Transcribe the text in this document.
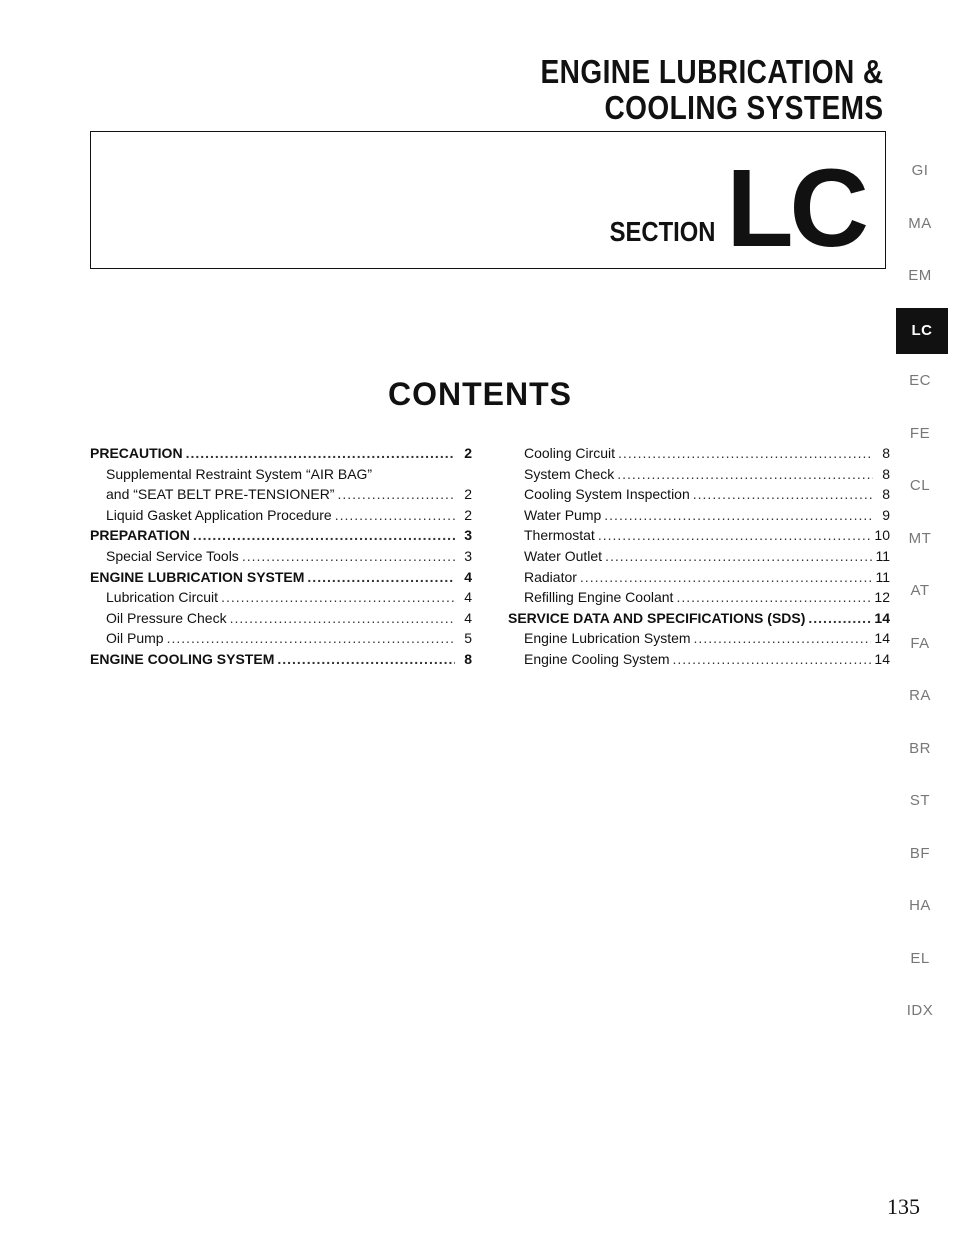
ENGINE LUBRICATION &
COOLING SYSTEMS
SECTION LC
CONTENTS
PRECAUTION .....	2
Supplemental Restraint System “AIR BAG”
and “SEAT BELT PRE-TENSIONER” .....	2
Liquid Gasket Application Procedure .....	2
PREPARATION .....	3
Special Service Tools .....	3
ENGINE LUBRICATION SYSTEM .....	4
Lubrication Circuit .....	4
Oil Pressure Check .....	4
Oil Pump .....	5
ENGINE COOLING SYSTEM .....	8
Cooling Circuit .....	8
System Check .....	8
Cooling System Inspection .....	8
Water Pump .....	9
Thermostat .....	10
Water Outlet .....	11
Radiator .....	11
Refilling Engine Coolant .....	12
SERVICE DATA AND SPECIFICATIONS (SDS) .....	14
Engine Lubrication System .....	14
Engine Cooling System .....	14
GI
MA
EM
LC
EC
FE
CL
MT
AT
FA
RA
BR
ST
BF
HA
EL
IDX
135
